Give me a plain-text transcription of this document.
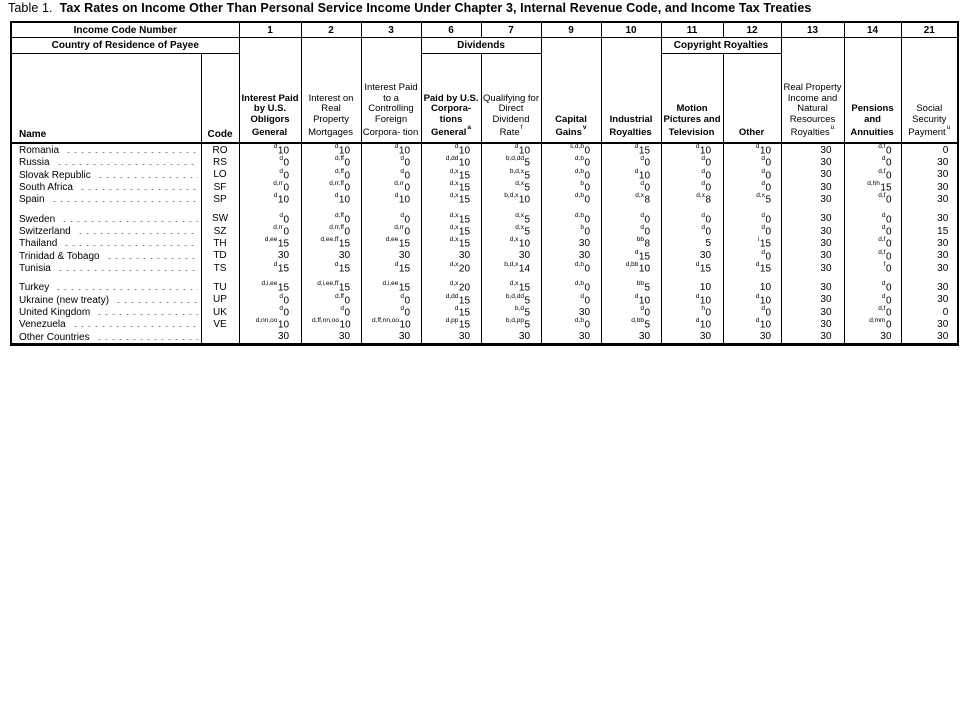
Table 1. Tax Rates on Income Other Than Personal Service Income Under Chapter 3, Internal Revenue Code, and Income Tax Treaties
Income Code Number		1	2	3	6	7	9	10	11	12	13	14	21
Country of Residence of Payee		Interest Paid by U.S. Obligors General	Interest on Real Property Mortgages	Interest Paid to a Controlling Foreign Corpora- tion	Dividends		Capital Gains$^v$	Industrial Royalties	Copyright Royalties		Real Property Income and Natural Resources Royalties$^u$	Pensions and Annuities	Social Security Payment$^u$

Name	Code				Paid by U.S. Corpora- tions General$^a$	Qualifying for Direct Dividend Rate$^f$			Motion Pictures and Television	Other			

Romania	RO	$^d$10	$^d$10	$^d$10	$^d$10	$^d$10	$^{s,d,b}$0	$^d$15	$^d$10	$^d$10	30	$^{d,f}$0	0

Russia	RS	$^d$0	$^{d,ff}$0	$^d$0	$^{d,dd}$10	$^{b,d,dd}$5	$^{d,b}$0	$^d$0	$^d$0	$^d$0	30	$^d$0	30

Slovak Republic	LO	$^d$0	$^{d,ff}$0	$^d$0	$^{d,x}$15	$^{b,d,x}$5	$^{d,b}$0	$^d$10	$^d$0	$^d$0	30	$^{d,f}$0	30

South Africa	SF	$^{d,rr}$0	$^{d,rr,ff}$0	$^{d,rr}$0	$^{d,x}$15	$^{d,x}$5	$^b$0	$^d$0	$^d$0	$^d$0	30	$^{d,hh}$15	30

Spain	SP	$^d$10	$^d$10	$^d$10	$^{d,x}$15	$^{b,d,x}$10	$^{d,b}$0	$^{d,x}$8	$^{d,x}$8	$^{d,x}$5	30	$^{d,f}$0	30

Sweden	SW	$^d$0	$^{d,ff}$0	$^d$0	$^{d,x}$15	$^{d,x}$5	$^{d,b}$0	$^d$0	$^d$0	$^d$0	30	$^d$0	30

Switzerland	SZ	$^{d,rr}$0	$^{d,rr,ff}$0	$^{d,rr}$0	$^{d,x}$15	$^{d,x}$5	$^b$0	$^d$0	$^d$0	$^d$0	30	$^d$0	15

Thailand	TH	$^{d,ee}$15	$^{d,ee,ff}$15	$^{d,ee}$15	$^{d,x}$15	$^{d,x}$10	30	$^{bb}$8	5	$^i$15	30	$^{d,f}$0	30

Trinidad & Tobago	TD	30	30	30	30	30	30	$^d$15	30	$^d$0	30	$^{d,f}$0	30

Tunisia	TS	$^d$15	$^d$15	$^d$15	$^{d,x}$20	$^{b,d,x}$14	$^{d,b}$0	$^{d,bb}$10	$^d$15	$^d$15	30	$^f$0	30

Turkey	TU	$^{d,i,ee}$15	$^{d,i,ee,ff}$15	$^{d,i,ee}$15	$^{d,x}$20	$^{d,x}$15	$^{d,b}$0	$^{bb}$5	10	10	30	$^d$0	30

Ukraine (new treaty)	UP	$^d$0	$^{d,ff}$0	$^d$0	$^{d,dd}$15	$^{b,d,dd}$5	$^d$0	$^d$10	$^d$10	$^d$10	30	$^d$0	30

United Kingdom	UK	$^d$0	$^d$0	$^d$0	$^d$15	$^{b,d}$5	30	$^d$0	$^h$0	$^d$0	30	$^{d,f}$0	0

Venezuela	VE	$^{d,nn,oo}$10	$^{d,ff,nn,oo}$10	$^{d,ff,nn,oo}$10	$^{d,pp}$15	$^{b,d,pp}$5	$^{d,b}$0	$^{d,bb}$5	$^d$10	$^d$10	30	$^{d,mm}$0	30

Other Countries		30	30	30	30	30	30	30	30	30	30	30	30
